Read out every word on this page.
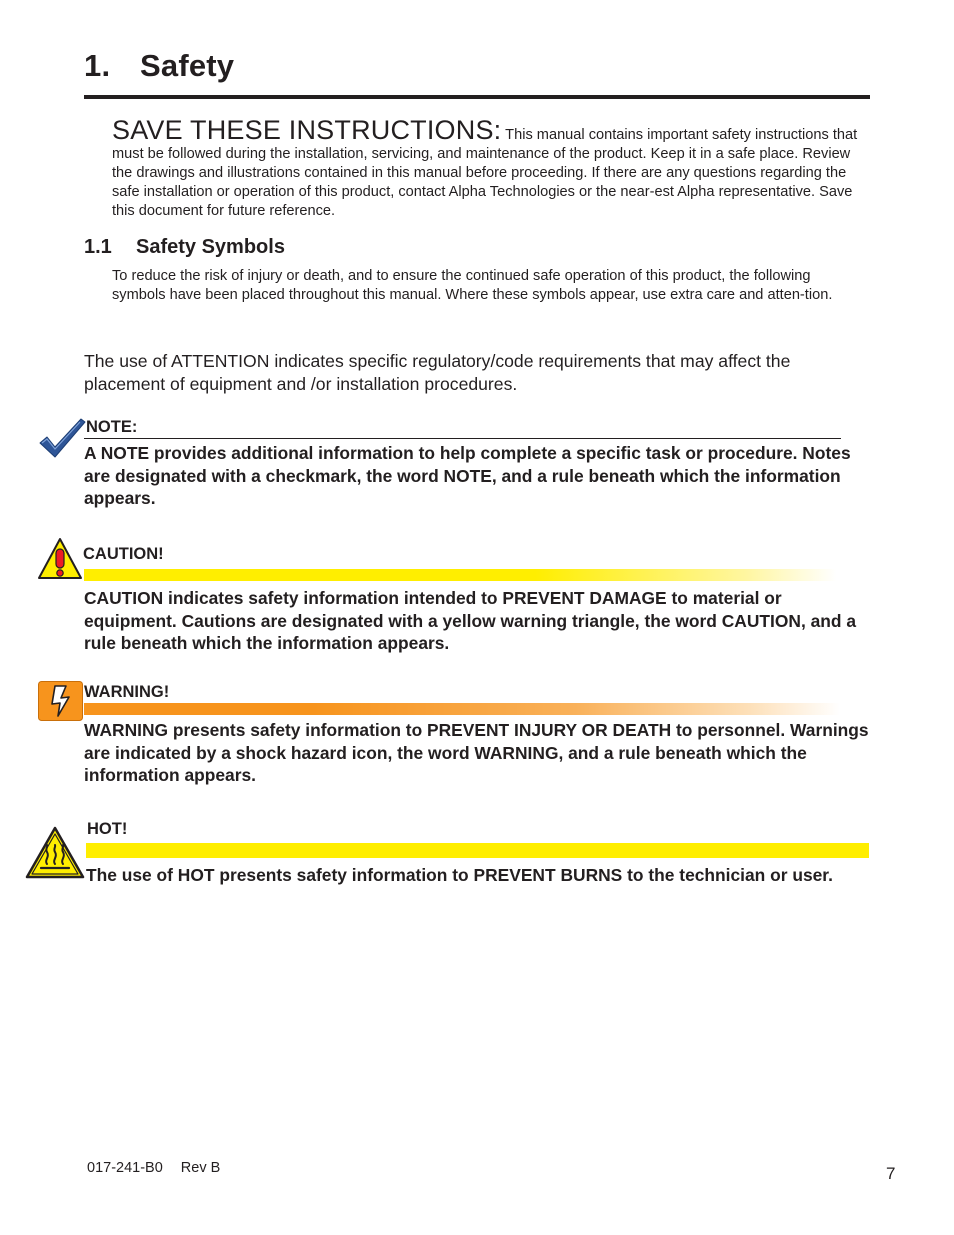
1. Safety
SAVE THESE INSTRUCTIONS: This manual contains important safety instructions that must be followed during the installation, servicing, and maintenance of the product. Keep it in a safe place. Review the drawings and illustrations contained in this manual before proceeding. If there are any questions regarding the safe installation or operation of this product, contact Alpha Technologies or the near-est Alpha representative. Save this document for future reference.
1.1 Safety Symbols
To reduce the risk of injury or death, and to ensure the continued safe operation of this product, the following symbols have been placed throughout this manual. Where these symbols appear, use extra care and atten-tion.
The use of ATTENTION indicates specific regulatory/code requirements that may affect the placement of equipment and /or installation procedures.
NOTE:
A NOTE provides additional information to help complete a specific task or procedure. Notes are designated with a checkmark, the word NOTE, and a rule beneath which the information appears.
CAUTION!
CAUTION indicates safety information intended to PREVENT DAMAGE to material or equipment. Cautions are designated with a yellow warning triangle, the word CAUTION, and a rule beneath which the information appears.
WARNING!
WARNING presents safety information to PREVENT INJURY OR DEATH to personnel. Warnings are indicated by a shock hazard icon, the word WARNING, and a rule beneath which the information appears.
HOT!
The use of HOT presents safety information to PREVENT BURNS to the technician or user.
017-241-B0 Rev B	7
